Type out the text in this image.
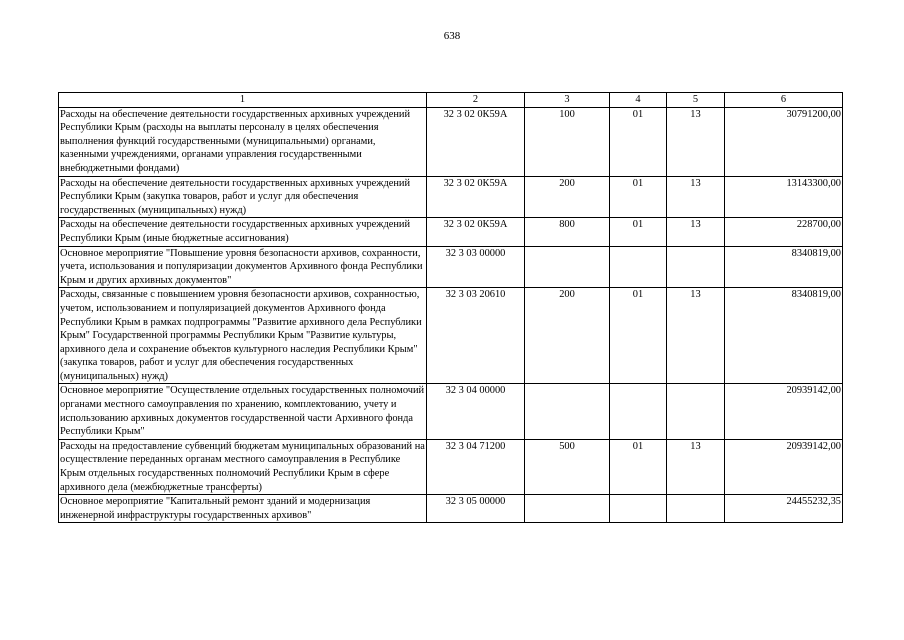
638
1	2	3	4	5	6
Расходы на обеспечение деятельности государственных архивных учреждений Республики Крым (расходы на выплаты персоналу в целях обеспечения выполнения функций государственными (муниципальными) органами, казенными учреждениями, органами управления государственными внебюджетными фондами)	32 3 02 0К59А	100	01	13	30791200,00
Расходы на обеспечение деятельности государственных архивных учреждений Республики Крым (закупка товаров, работ и услуг для обеспечения государственных (муниципальных) нужд)	32 3 02 0К59А	200	01	13	13143300,00
Расходы на обеспечение деятельности государственных архивных учреждений Республики Крым (иные бюджетные ассигнования)	32 3 02 0К59А	800	01	13	228700,00
Основное мероприятие "Повышение уровня безопасности архивов, сохранности, учета, использования и популяризации документов Архивного фонда Республики Крым и других архивных документов"	32 3 03 00000				8340819,00
Расходы, связанные с повышением уровня безопасности архивов, сохранностью, учетом, использованием и популяризацией документов Архивного фонда Республики Крым в рамках подпрограммы "Развитие архивного дела Республики Крым" Государственной программы Республики Крым "Развитие культуры, архивного дела и сохранение объектов культурного наследия Республики Крым" (закупка товаров, работ и услуг для обеспечения государственных (муниципальных) нужд)	32 3 03 20610	200	01	13	8340819,00
Основное мероприятие "Осуществление отдельных государственных полномочий органами местного самоуправления по хранению, комплектованию, учету и использованию архивных документов государственной части Архивного фонда Республики Крым"	32 3 04 00000				20939142,00
Расходы на предоставление субвенций бюджетам муниципальных образований на осуществление переданных органам местного самоуправления в Республике Крым отдельных государственных полномочий Республики Крым в сфере архивного дела (межбюджетные трансферты)	32 3 04 71200	500	01	13	20939142,00
Основное мероприятие "Капитальный ремонт зданий и модернизация инженерной инфраструктуры государственных архивов"	32 3 05 00000				24455232,35
